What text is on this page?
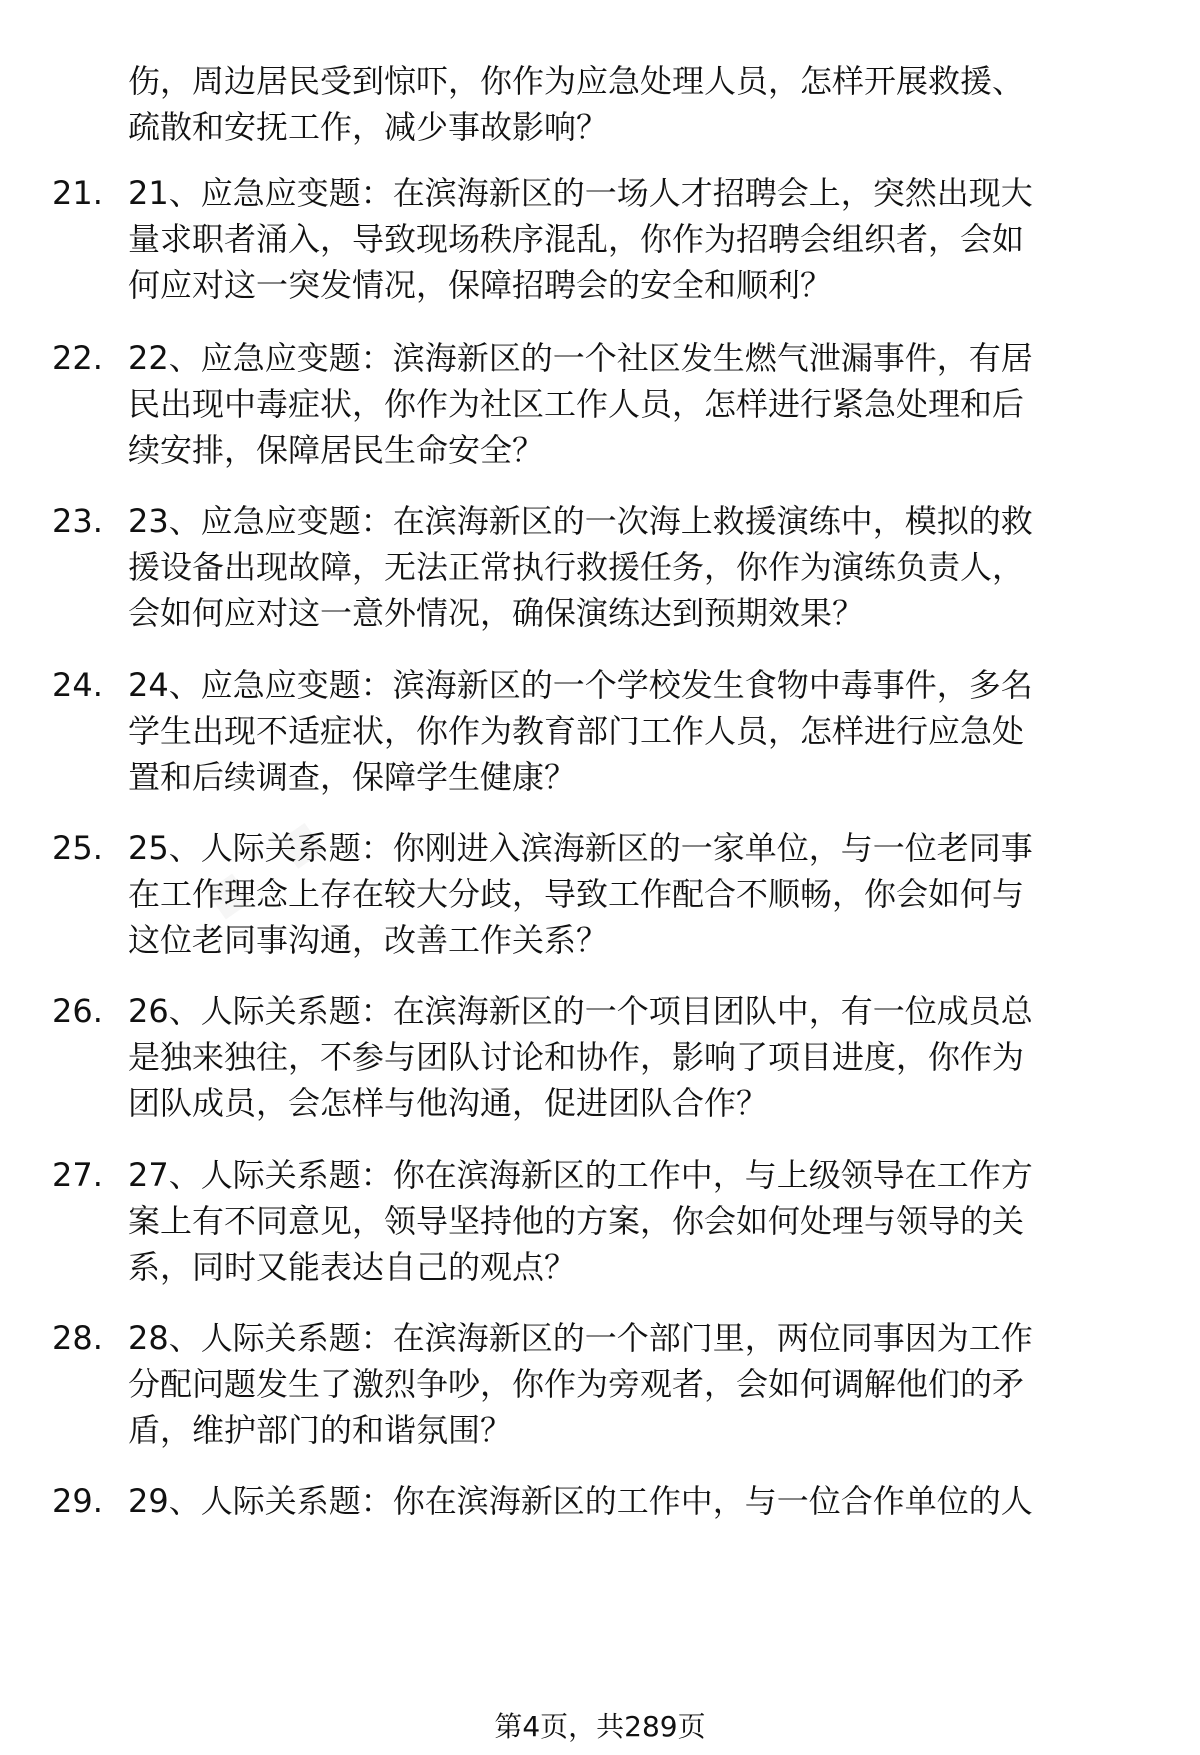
伤，周边居民受到惊吓，你作为应急处理人员，怎样开展救援、
疏散和安抚工作，减少事故影响？
21. 21、应急应变题：在滨海新区的一场人才招聘会上，突然出现大
量求职者涌入，导致现场秩序混乱，你作为招聘会组织者，会如
何应对这一突发情况，保障招聘会的安全和顺利？
22. 22、应急应变题：滨海新区的一个社区发生燃气泄漏事件，有居
民出现中毒症状，你作为社区工作人员，怎样进行紧急处理和后
续安排，保障居民生命安全？
23. 23、应急应变题：在滨海新区的一次海上救援演练中，模拟的救
援设备出现故障，无法正常执行救援任务，你作为演练负责人，
会如何应对这一意外情况，确保演练达到预期效果？
24. 24、应急应变题：滨海新区的一个学校发生食物中毒事件，多名
学生出现不适症状，你作为教育部门工作人员，怎样进行应急处
置和后续调查，保障学生健康？
25. 25、人际关系题：你刚进入滨海新区的一家单位，与一位老同事
在工作理念上存在较大分歧，导致工作配合不顺畅，你会如何与
这位老同事沟通，改善工作关系？
26. 26、人际关系题：在滨海新区的一个项目团队中，有一位成员总
是独来独往，不参与团队讨论和协作，影响了项目进度，你作为
团队成员，会怎样与他沟通，促进团队合作？
27. 27、人际关系题：你在滨海新区的工作中，与上级领导在工作方
案上有不同意见，领导坚持他的方案，你会如何处理与领导的关
系，同时又能表达自己的观点？
28. 28、人际关系题：在滨海新区的一个部门里，两位同事因为工作
分配问题发生了激烈争吵，你作为旁观者，会如何调解他们的矛
盾，维护部门的和谐氛围？
29. 29、人际关系题：你在滨海新区的工作中，与一位合作单位的人
第4页，共289页
